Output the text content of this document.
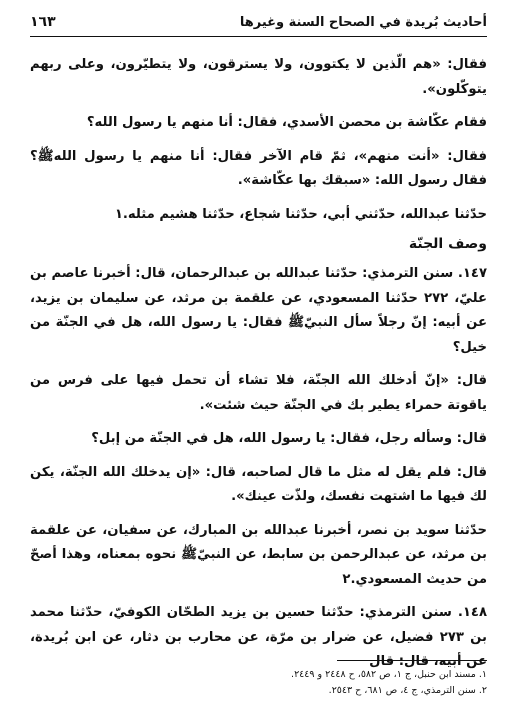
أحاديث بُريدة في الصحاح السنة وغيرها
١٦٣

فقال: «هم الّذين لا يكتوون، ولا يسترقون، ولا يتطيّرون، وعلى ربهم يتوكّلون».

فقام عكّاشة بن محصن الأسدي، فقال: أنا منهم يا رسول الله؟

فقال: «أنت منهم»، ثمّ قام الآخر فقال: أنا منهم يا رسول اللهﷺ؟ فقال رسول الله: «سبقك بها عكّاشة».

حدّثنا عبدالله، حدّثني أبي، حدّثنا شجاع، حدّثنا هشيم مثله.١

وصف الجنّة

١٤٧. سنن الترمذي: حدّثنا عبدالله بن عبدالرحمان، قال: أخبرنا عاصم بن عليّ، ٢٧٢ حدّثنا المسعودي، عن علقمة بن مرثد، عن سليمان بن يزيد، عن أبيه: إنّ رجلاً سأل النبيّﷺ فقال: يا رسول الله، هل في الجنّة من خيل؟

قال: «إنّ أدخلك الله الجنّة، فلا تشاء أن تحمل فيها على فرس من ياقوتة حمراء يطير بك في الجنّة حيث شئت».

قال: وسأله رجل، فقال: يا رسول الله، هل في الجنّة من إبل؟

قال: فلم يقل له مثل ما قال لصاحبه، قال: «إن يدخلك الله الجنّة، يكن لك فيها ما اشتهت نفسك، ولذّت عينك».

حدّثنا سويد بن نصر، أخبرنا عبدالله بن المبارك، عن سفيان، عن علقمة بن مرثد، عن عبدالرحمن بن سابط، عن النبيّﷺ نحوه بمعناه، وهذا أصحّ من حديث المسعودي.٢

١٤٨. سنن الترمذي: حدّثنا حسين بن يزيد الطحّان الكوفيّ، حدّثنا محمد بن ٢٧٣ فضيل، عن ضرار بن مرّة، عن محارب بن دثار، عن ابن بُريدة، عن أبيه، قال: قال

١. مسند ابن حنبل، ج ١، ص ٥٨٢، ح ٢٤٤٨ و ٢٤٤٩.
٢. سنن الترمذي، ج ٤، ص ٦٨١، ح ٢٥٤٣.
